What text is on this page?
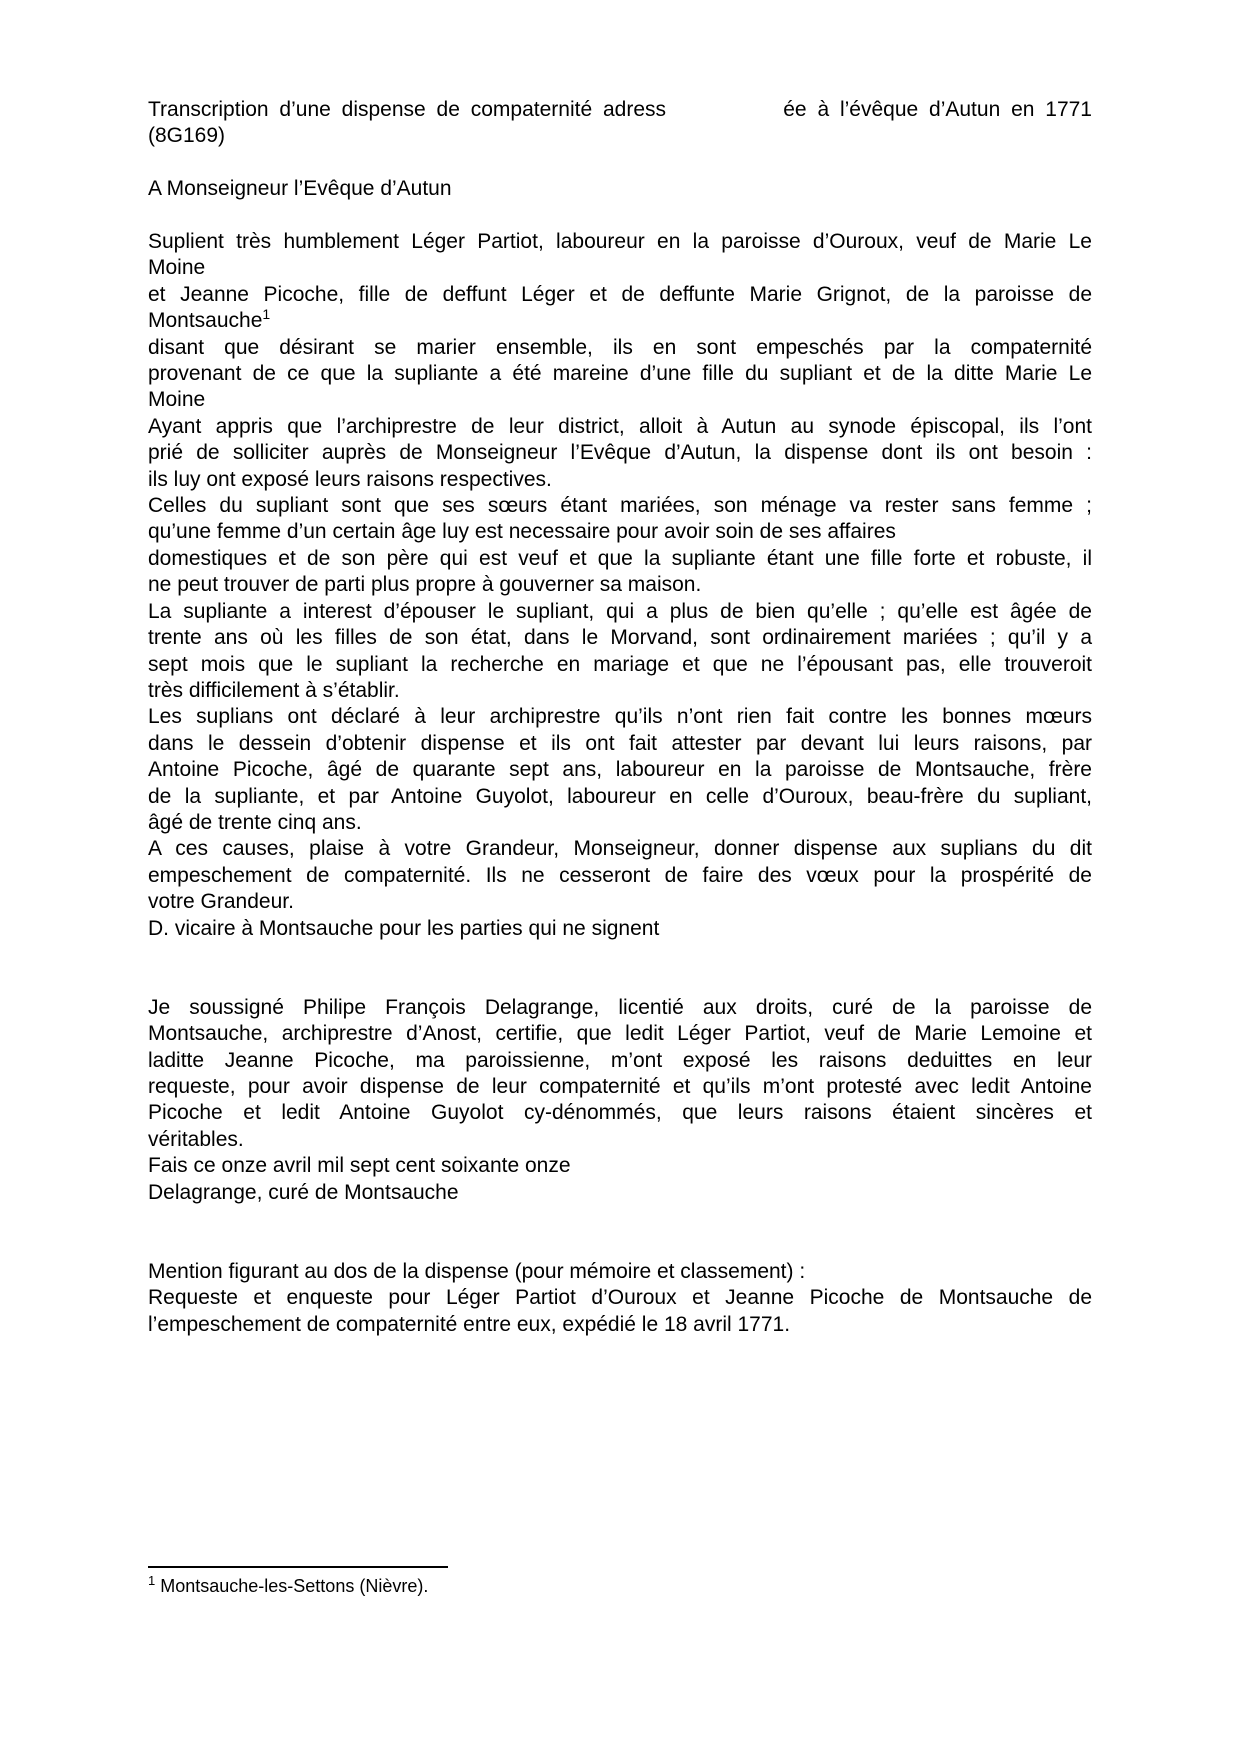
Transcription d’une dispense de compaternité adress	ée à l’évêque d’Autun en 1771
(8G169)
A Monseigneur l’Evêque d’Autun
Suplient très humblement Léger Partiot, laboureur en la paroisse d’Ouroux, veuf de Marie Le
Moine
et Jeanne Picoche, fille de deffunt Léger et de deffunte Marie Grignot, de la paroisse de
Montsauche$^1$
disant que désirant se marier ensemble, ils en sont empeschés par la compaternité
provenant de ce que la supliante a été mareine d’une fille du supliant et de la ditte Marie Le
Moine
Ayant appris que l’archiprestre de leur district, alloit à Autun au synode épiscopal, ils l’ont
prié de solliciter auprès de Monseigneur l’Evêque d’Autun, la dispense dont ils ont besoin :
ils luy ont exposé leurs raisons respectives.
Celles du supliant sont que ses sœurs étant mariées, son ménage va rester sans femme ;
qu’une femme d’un certain âge luy est necessaire pour avoir soin de ses affaires
domestiques et de son père qui est veuf et que la supliante étant une fille forte et robuste, il
ne peut trouver de parti plus propre à gouverner sa maison.
La supliante a interest d’épouser le supliant, qui a plus de bien qu’elle ; qu’elle est âgée de
trente ans où les filles de son état, dans le Morvand, sont ordinairement mariées ; qu’il y a
sept mois que le supliant la recherche en mariage et que ne l’épousant pas, elle trouveroit
très difficilement à s’établir.
Les suplians ont déclaré à leur archiprestre qu’ils n’ont rien fait contre les bonnes mœurs
dans le dessein d’obtenir dispense et ils ont fait attester par devant lui leurs raisons, par
Antoine Picoche, âgé de quarante sept ans, laboureur en la paroisse de Montsauche, frère
de la supliante, et par Antoine Guyolot, laboureur en celle d’Ouroux, beau-frère du supliant,
âgé de trente cinq ans.
A ces causes, plaise à votre Grandeur, Monseigneur, donner dispense aux suplians du dit
empeschement de compaternité. Ils ne cesseront de faire des vœux pour la prospérité de
votre Grandeur.
D. vicaire à Montsauche pour les parties qui ne signent
Je soussigné Philipe François Delagrange, licentié aux droits, curé de la paroisse de
Montsauche, archiprestre d’Anost, certifie, que ledit Léger Partiot, veuf de Marie Lemoine et
laditte Jeanne Picoche, ma paroissienne, m’ont exposé les raisons deduittes en leur
requeste, pour avoir dispense de leur compaternité et qu’ils m’ont protesté avec ledit Antoine
Picoche et ledit Antoine Guyolot cy-dénommés, que leurs raisons étaient sincères et
véritables.
Fais ce onze avril mil sept cent soixante onze
Delagrange, curé de Montsauche
Mention figurant au dos de la dispense (pour mémoire et classement) :
Requeste et enqueste pour Léger Partiot d’Ouroux et Jeanne Picoche de Montsauche de
l’empeschement de compaternité entre eux, expédié le 18 avril 1771.
$^1$ Montsauche-les-Settons (Nièvre).
